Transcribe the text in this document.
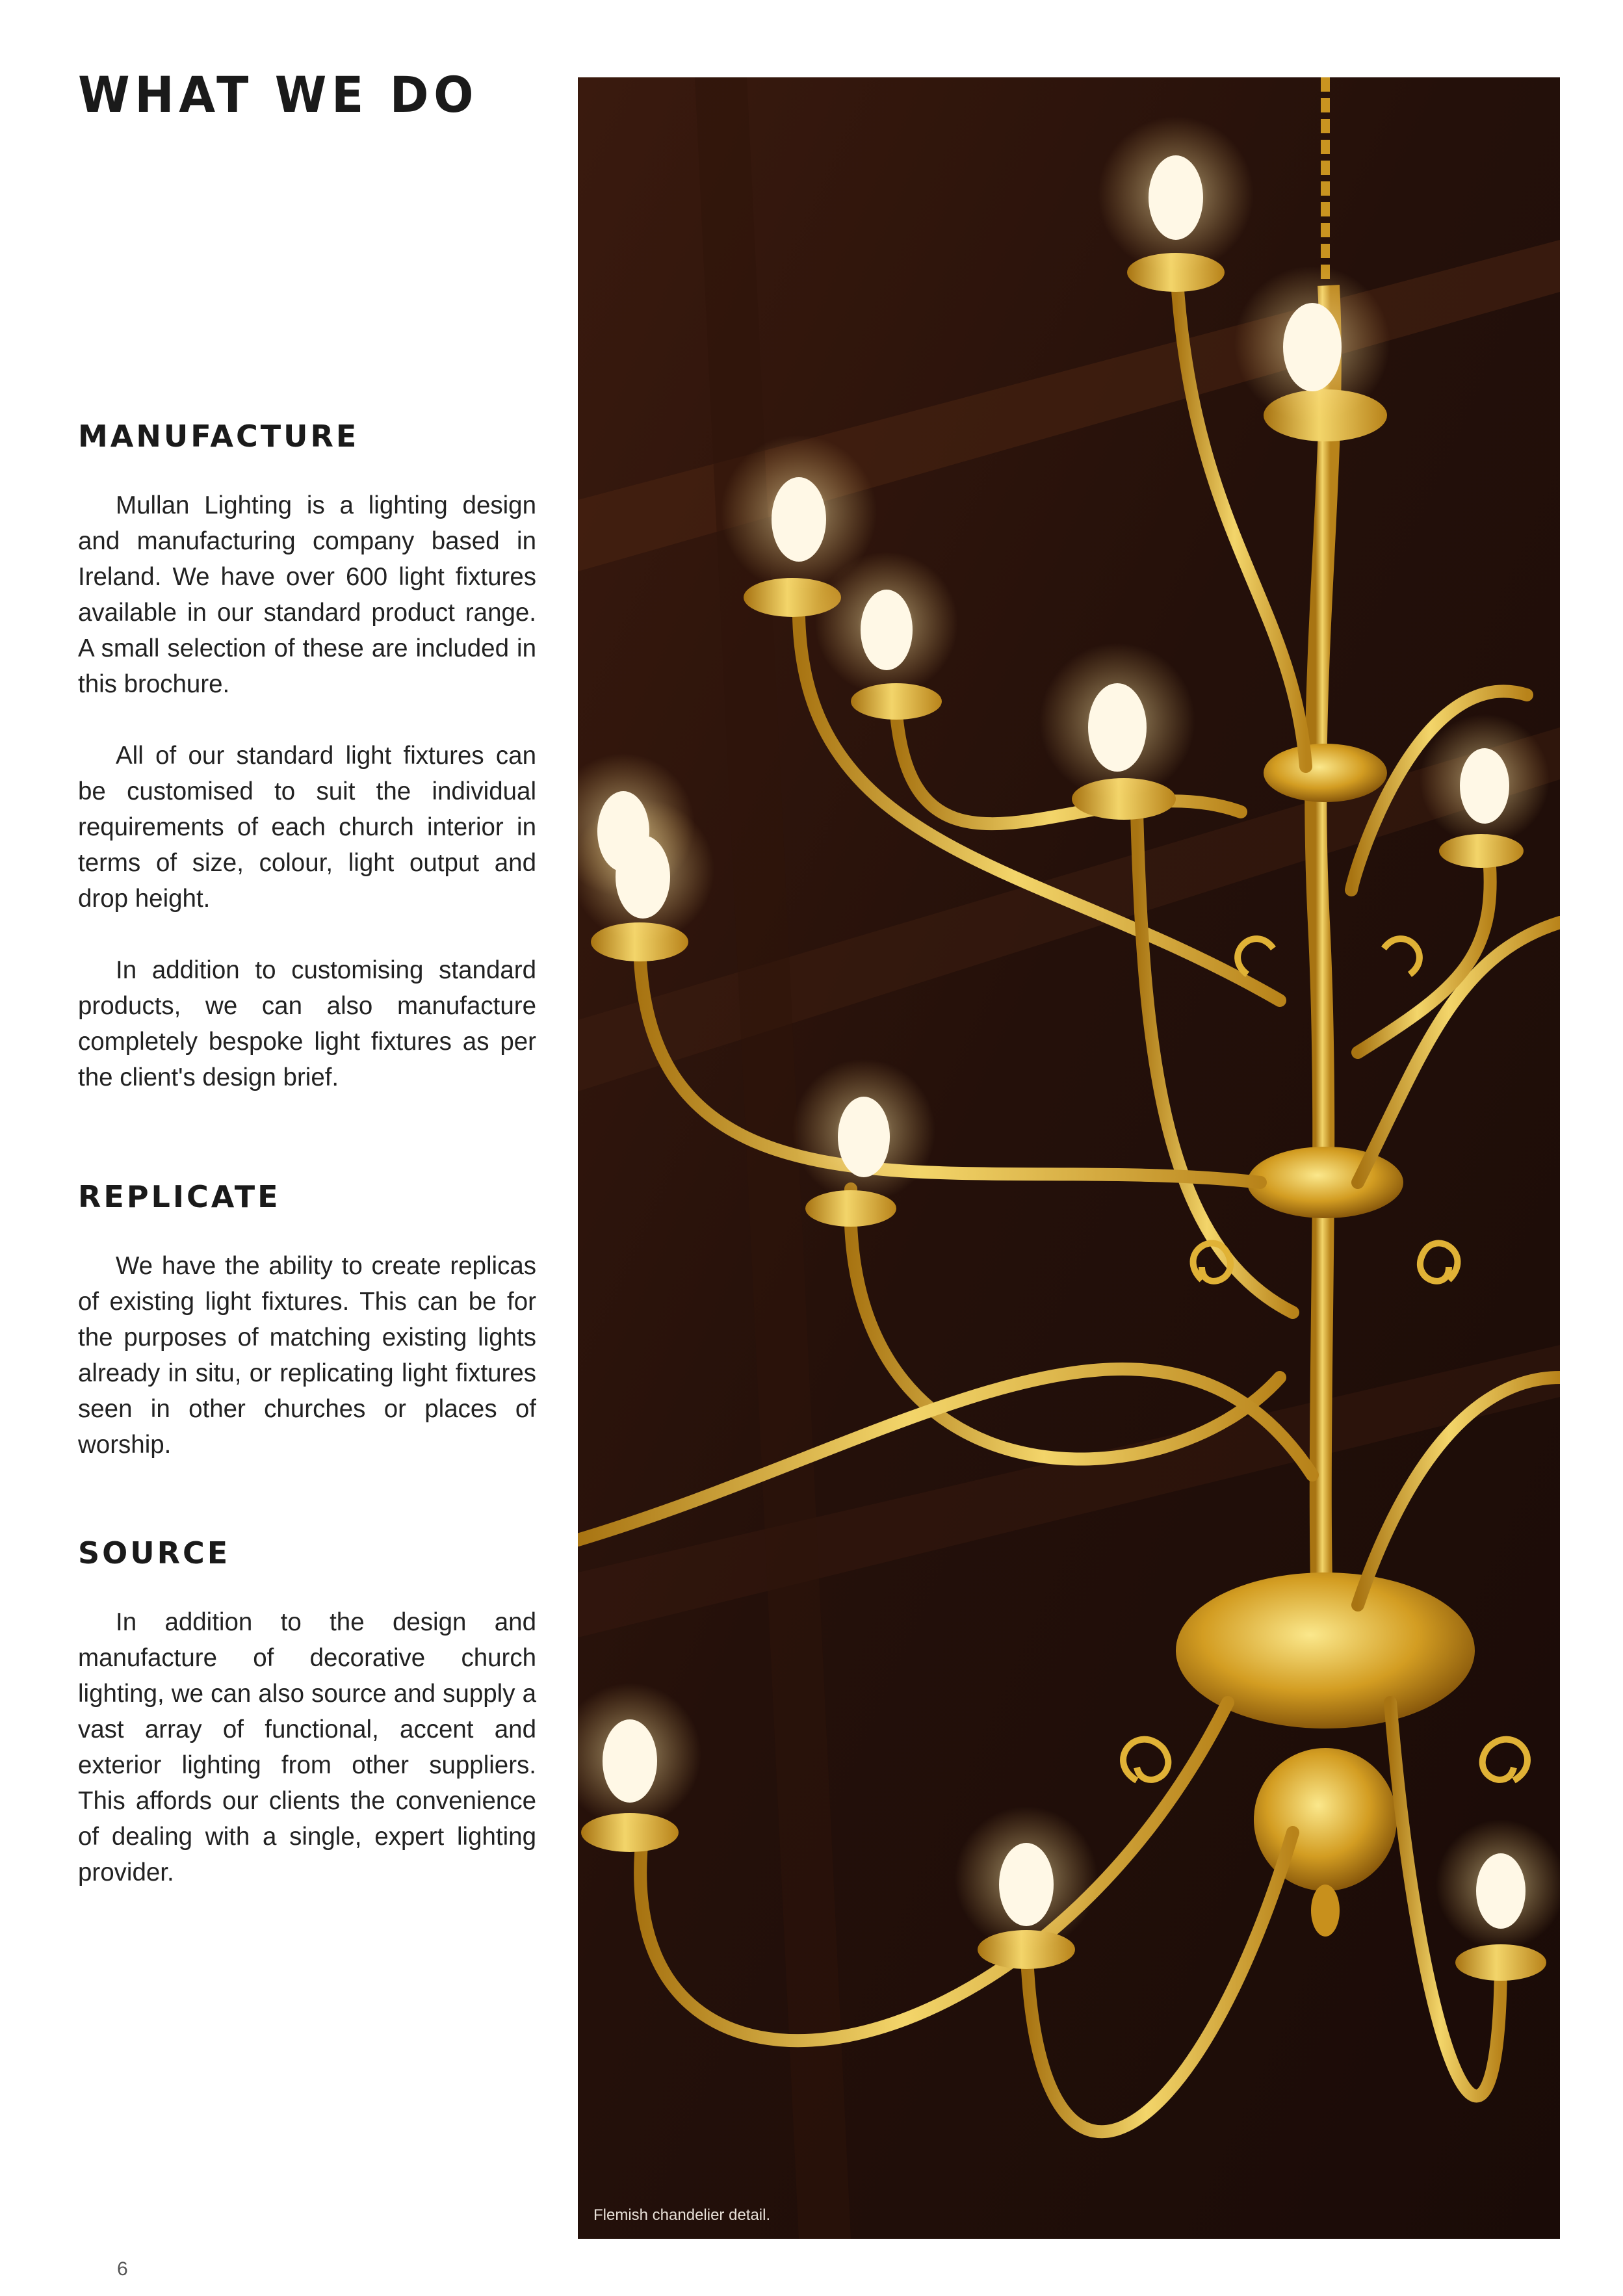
WHAT WE DO
MANUFACTURE

Mullan Lighting is a lighting design and manufacturing company based in Ireland. We have over 600 light fixtures available in our standard product range. A small selection of these are included in this brochure.

All of our standard light fixtures can be customised to suit the individual requirements of each church interior in terms of size, colour, light output and drop height.

In addition to customising standard products, we can also manufacture completely bespoke light fixtures as per the client's design brief.

REPLICATE

We have the ability to create replicas of existing light fixtures. This can be for the purposes of matching existing lights already in situ, or replicating light fixtures seen in other churches or places of worship.

SOURCE

In addition to the design and manufacture of decorative church lighting, we can also source and supply a vast array of functional, accent and exterior lighting from other suppliers. This affords our clients the convenience of dealing with a single, expert lighting provider.

Flemish chandelier detail.
6
